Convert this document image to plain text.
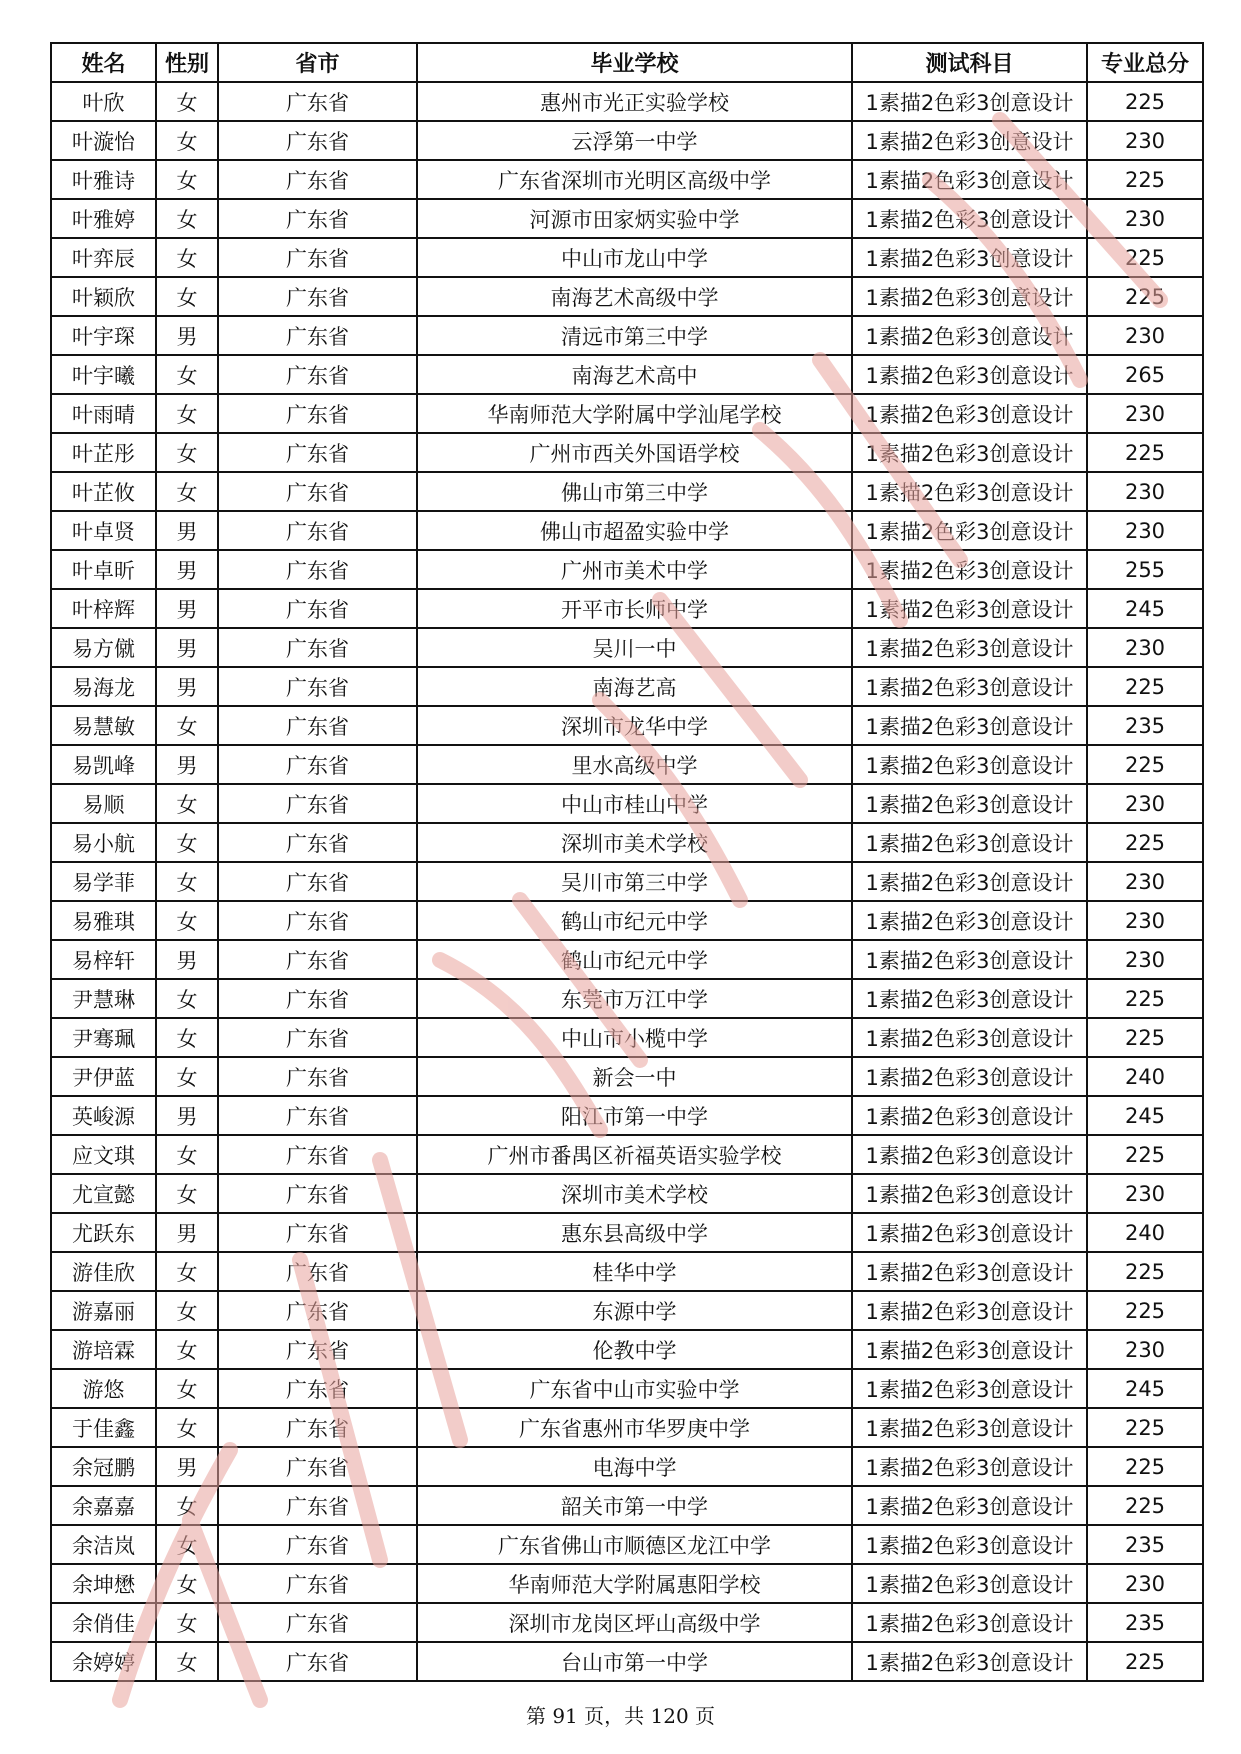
姓名	性别	省市	毕业学校	测试科目	专业总分
叶欣	女	广东省	惠州市光正实验学校	1素描2色彩3创意设计	225
叶漩怡	女	广东省	云浮第一中学	1素描2色彩3创意设计	230
叶雅诗	女	广东省	广东省深圳市光明区高级中学	1素描2色彩3创意设计	225
叶雅婷	女	广东省	河源市田家炳实验中学	1素描2色彩3创意设计	230
叶弈辰	女	广东省	中山市龙山中学	1素描2色彩3创意设计	225
叶颖欣	女	广东省	南海艺术高级中学	1素描2色彩3创意设计	225
叶宇琛	男	广东省	清远市第三中学	1素描2色彩3创意设计	230
叶宇曦	女	广东省	南海艺术高中	1素描2色彩3创意设计	265
叶雨晴	女	广东省	华南师范大学附属中学汕尾学校	1素描2色彩3创意设计	230
叶芷彤	女	广东省	广州市西关外国语学校	1素描2色彩3创意设计	225
叶芷攸	女	广东省	佛山市第三中学	1素描2色彩3创意设计	230
叶卓贤	男	广东省	佛山市超盈实验中学	1素描2色彩3创意设计	230
叶卓昕	男	广东省	广州市美术中学	1素描2色彩3创意设计	255
叶梓辉	男	广东省	开平市长师中学	1素描2色彩3创意设计	245
易方僦	男	广东省	吴川一中	1素描2色彩3创意设计	230
易海龙	男	广东省	南海艺高	1素描2色彩3创意设计	225
易慧敏	女	广东省	深圳市龙华中学	1素描2色彩3创意设计	235
易凯峰	男	广东省	里水高级中学	1素描2色彩3创意设计	225
易顺	女	广东省	中山市桂山中学	1素描2色彩3创意设计	230
易小航	女	广东省	深圳市美术学校	1素描2色彩3创意设计	225
易学菲	女	广东省	吴川市第三中学	1素描2色彩3创意设计	230
易雅琪	女	广东省	鹤山市纪元中学	1素描2色彩3创意设计	230
易梓轩	男	广东省	鹤山市纪元中学	1素描2色彩3创意设计	230
尹慧琳	女	广东省	东莞市万江中学	1素描2色彩3创意设计	225
尹骞珮	女	广东省	中山市小榄中学	1素描2色彩3创意设计	225
尹伊蓝	女	广东省	新会一中	1素描2色彩3创意设计	240
英峻源	男	广东省	阳江市第一中学	1素描2色彩3创意设计	245
应文琪	女	广东省	广州市番禺区祈福英语实验学校	1素描2色彩3创意设计	225
尤宣懿	女	广东省	深圳市美术学校	1素描2色彩3创意设计	230
尤跃东	男	广东省	惠东县高级中学	1素描2色彩3创意设计	240
游佳欣	女	广东省	桂华中学	1素描2色彩3创意设计	225
游嘉丽	女	广东省	东源中学	1素描2色彩3创意设计	225
游培霖	女	广东省	伦教中学	1素描2色彩3创意设计	230
游悠	女	广东省	广东省中山市实验中学	1素描2色彩3创意设计	245
于佳鑫	女	广东省	广东省惠州市华罗庚中学	1素描2色彩3创意设计	225
余冠鹏	男	广东省	电海中学	1素描2色彩3创意设计	225
余嘉嘉	女	广东省	韶关市第一中学	1素描2色彩3创意设计	225
余洁岚	女	广东省	广东省佛山市顺德区龙江中学	1素描2色彩3创意设计	235
余坤懋	女	广东省	华南师范大学附属惠阳学校	1素描2色彩3创意设计	230
余俏佳	女	广东省	深圳市龙岗区坪山高级中学	1素描2色彩3创意设计	235
余婷婷	女	广东省	台山市第一中学	1素描2色彩3创意设计	225
第 91 页，共 120 页
